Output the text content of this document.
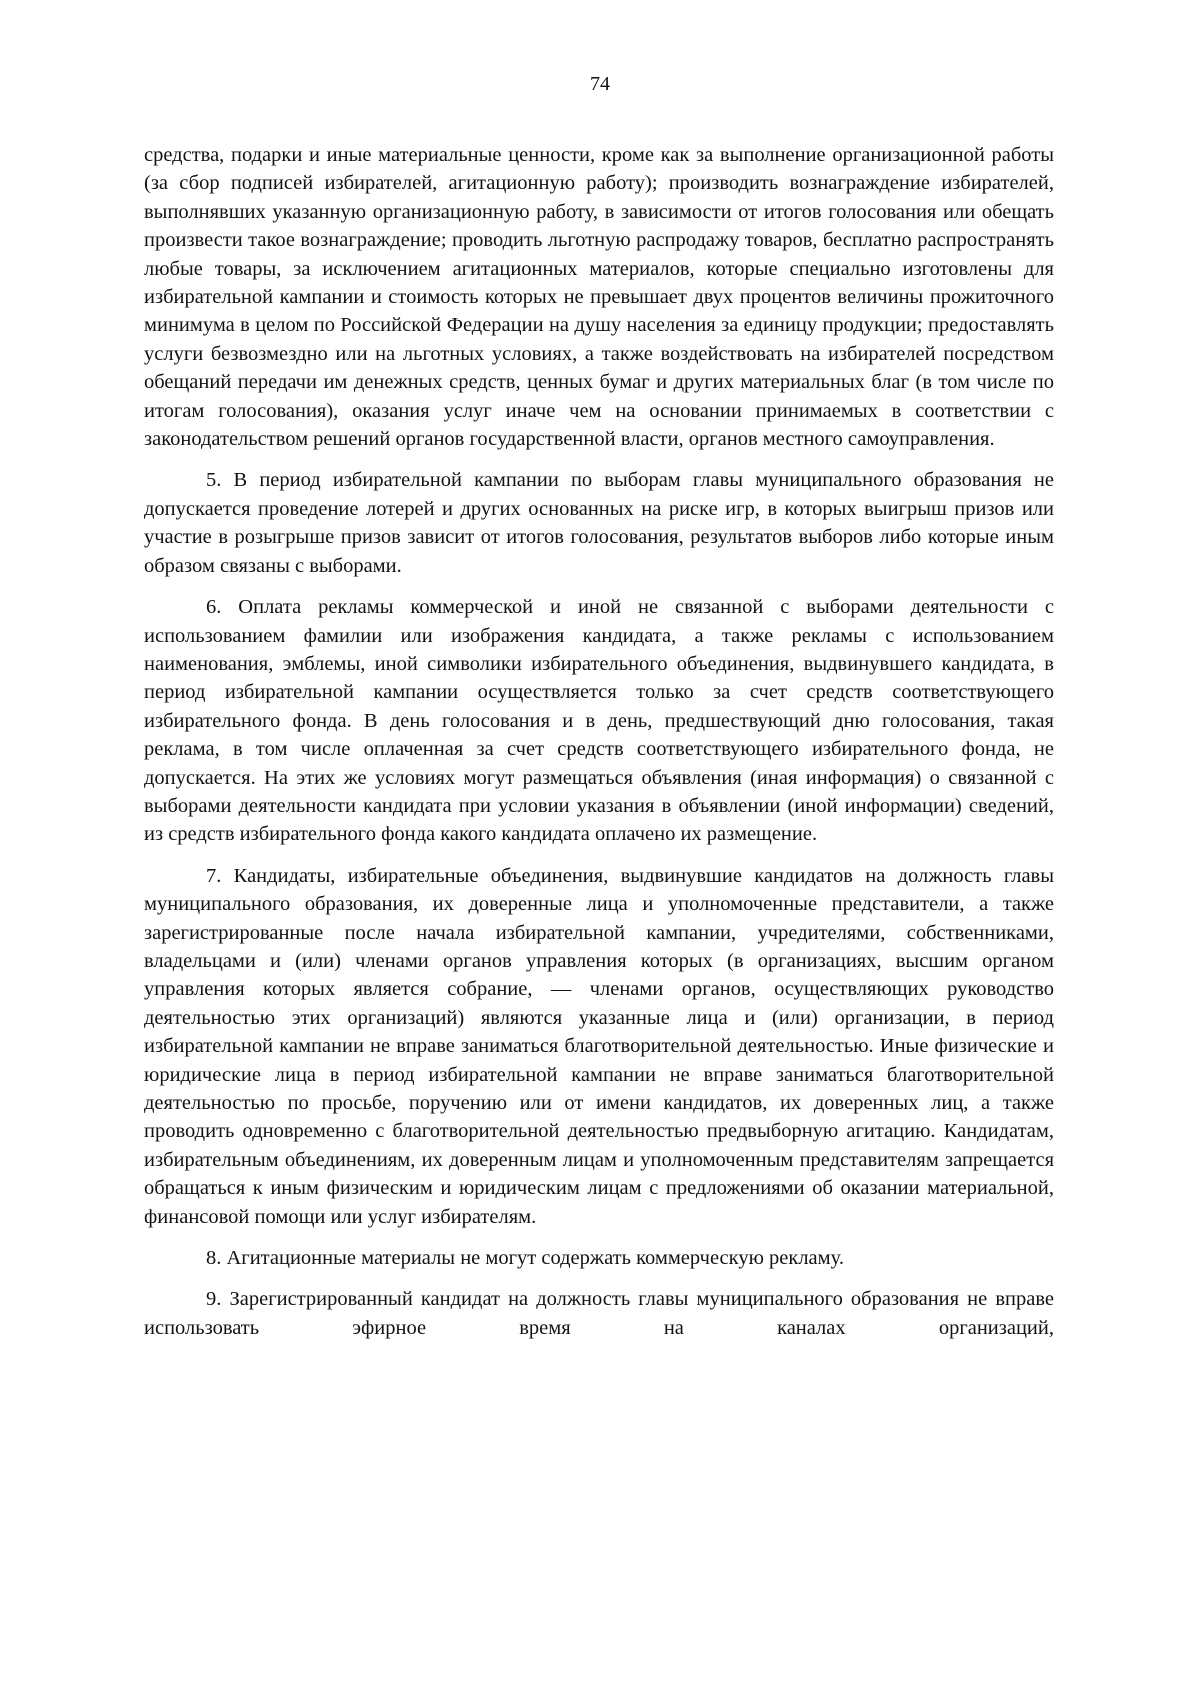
74

средства, подарки и иные материальные ценности, кроме как за выполнение организационной работы (за сбор подписей избирателей, агитационную работу); производить вознаграждение избирателей, выполнявших указанную организационную работу, в зависимости от итогов голосования или обещать произвести такое вознаграждение; проводить льготную распродажу товаров, бесплатно распространять любые товары, за исключением агитационных материалов, которые специально изготовлены для избирательной кампании и стоимость которых не превышает двух процентов величины прожиточного минимума в целом по Российской Федерации на душу населения за единицу продукции; предоставлять услуги безвозмездно или на льготных условиях, а также воздействовать на избирателей посредством обещаний передачи им денежных средств, ценных бумаг и других материальных благ (в том числе по итогам голосования), оказания услуг иначе чем на основании принимаемых в соответствии с законодательством решений органов государственной власти, органов местного самоуправления.

5. В период избирательной кампании по выборам главы муниципального образования не допускается проведение лотерей и других основанных на риске игр, в которых выигрыш призов или участие в розыгрыше призов зависит от итогов голосования, результатов выборов либо которые иным образом связаны с выборами.

6. Оплата рекламы коммерческой и иной не связанной с выборами деятельности с использованием фамилии или изображения кандидата, а также рекламы с использованием наименования, эмблемы, иной символики избирательного объединения, выдвинувшего кандидата, в период избирательной кампании осуществляется только за счет средств соответствующего избирательного фонда. В день голосования и в день, предшествующий дню голосования, такая реклама, в том числе оплаченная за счет средств соответствующего избирательного фонда, не допускается. На этих же условиях могут размещаться объявления (иная информация) о связанной с выборами деятельности кандидата при условии указания в объявлении (иной информации) сведений, из средств избирательного фонда какого кандидата оплачено их размещение.

7. Кандидаты, избирательные объединения, выдвинувшие кандидатов на должность главы муниципального образования, их доверенные лица и уполномоченные представители, а также зарегистрированные после начала избирательной кампании, учредителями, собственниками, владельцами и (или) членами органов управления которых (в организациях, высшим органом управления которых является собрание, — членами органов, осуществляющих руководство деятельностью этих организаций) являются указанные лица и (или) организации, в период избирательной кампании не вправе заниматься благотворительной деятельностью. Иные физические и юридические лица в период избирательной кампании не вправе заниматься благотворительной деятельностью по просьбе, поручению или от имени кандидатов, их доверенных лиц, а также проводить одновременно с благотворительной деятельностью предвыборную агитацию. Кандидатам, избирательным объединениям, их доверенным лицам и уполномоченным представителям запрещается обращаться к иным физическим и юридическим лицам с предложениями об оказании материальной, финансовой помощи или услуг избирателям.

8. Агитационные материалы не могут содержать коммерческую рекламу.

9. Зарегистрированный кандидат на должность главы муниципального образования не вправе использовать эфирное время на каналах организаций,
